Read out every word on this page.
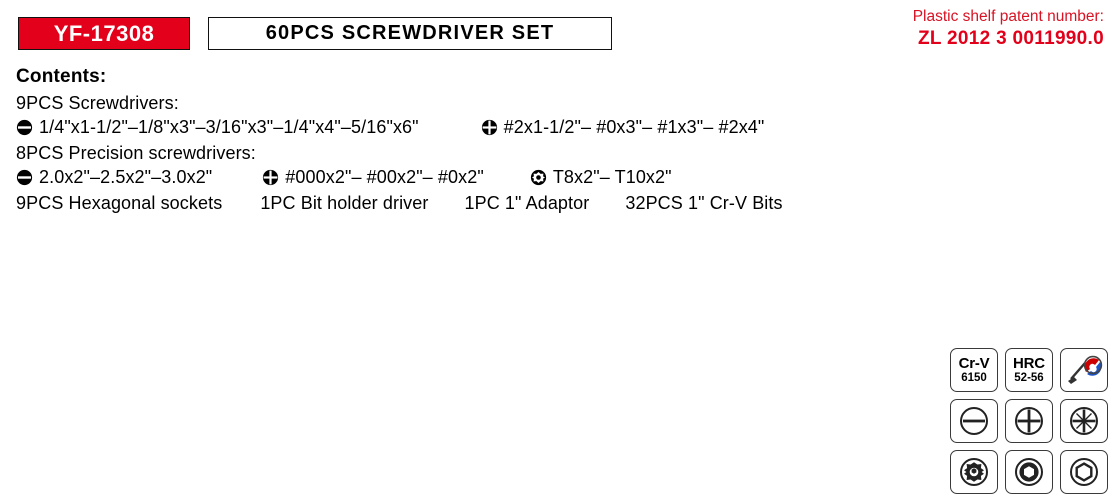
YF-17308	60PCS SCREWDRIVER SET
Plastic shelf patent number:
ZL 2012 3 0011990.0
Contents:
9PCS Screwdrivers:
1/4"x1-1/2"–1/8"x3"–3/16"x3"–1/4"x4"–5/16"x6"	#2x1-1/2"– #0x3"– #1x3"– #2x4"
8PCS Precision screwdrivers:
2.0x2"–2.5x2"–3.0x2"	#000x2"– #00x2"– #0x2"	T8x2"– T10x2"
9PCS Hexagonal sockets 1PC Bit holder driver 1PC 1" Adaptor 32PCS 1" Cr-V Bits
Cr-V
6150
HRC
52-56
